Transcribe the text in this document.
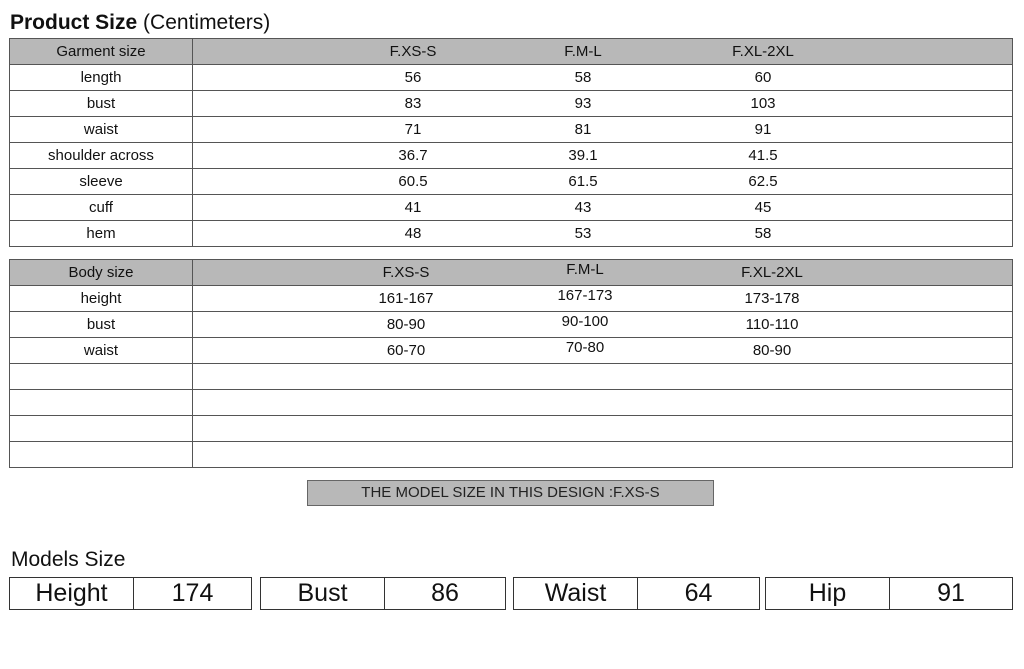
Product Size (Centimeters)
Garment size	F.XS-S F.M-L F.XL-2XL

length	56 58 60

bust	83 93 103

waist	71 81 91

shoulder across	36.7 39.1 41.5

sleeve	60.5 61.5 62.5

cuff	41 43 45

hem	48 53 58
Body size	F.XS-S F.M-L F.XL-2XL

height	161-167 167-173 173-178

bust	80-90 90-100 110-110

waist	60-70 70-80 80-90

THE MODEL SIZE IN THIS DESIGN :F.XS-S
Models Size
Height	174	Bust	86	Waist	64	Hip	91
